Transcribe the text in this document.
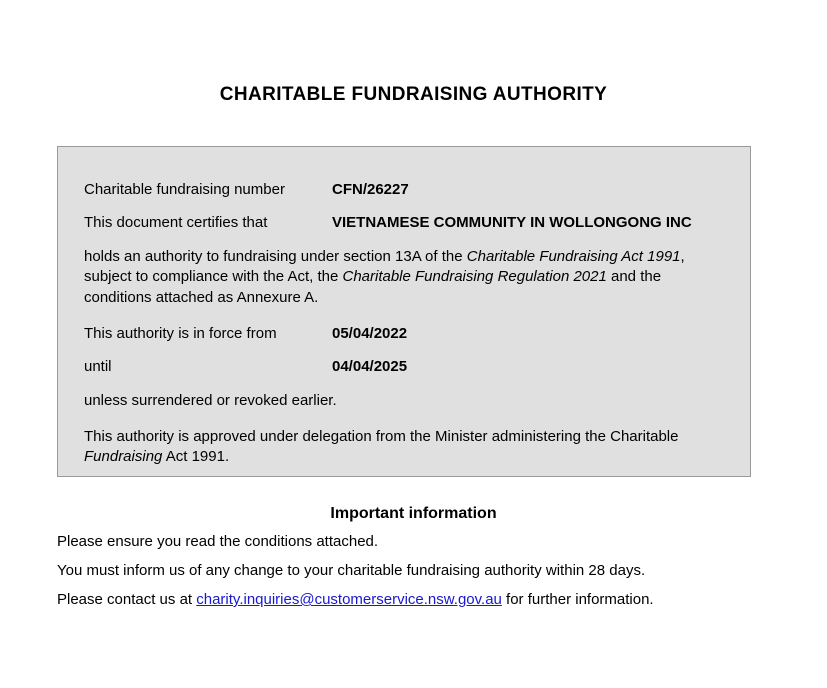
CHARITABLE FUNDRAISING AUTHORITY
Charitable fundraising number	CFN/26227
This document certifies that	VIETNAMESE COMMUNITY IN WOLLONGONG INC
holds an authority to fundraising under section 13A of the Charitable Fundraising Act 1991, subject to compliance with the Act, the Charitable Fundraising Regulation 2021 and the conditions attached as Annexure A.
This authority is in force from	05/04/2022
until	04/04/2025
unless surrendered or revoked earlier.
This authority is approved under delegation from the Minister administering the Charitable Fundraising Act 1991.
Important information
Please ensure you read the conditions attached.
You must inform us of any change to your charitable fundraising authority within 28 days.
Please contact us at charity.inquiries@customerservice.nsw.gov.au for further information.
